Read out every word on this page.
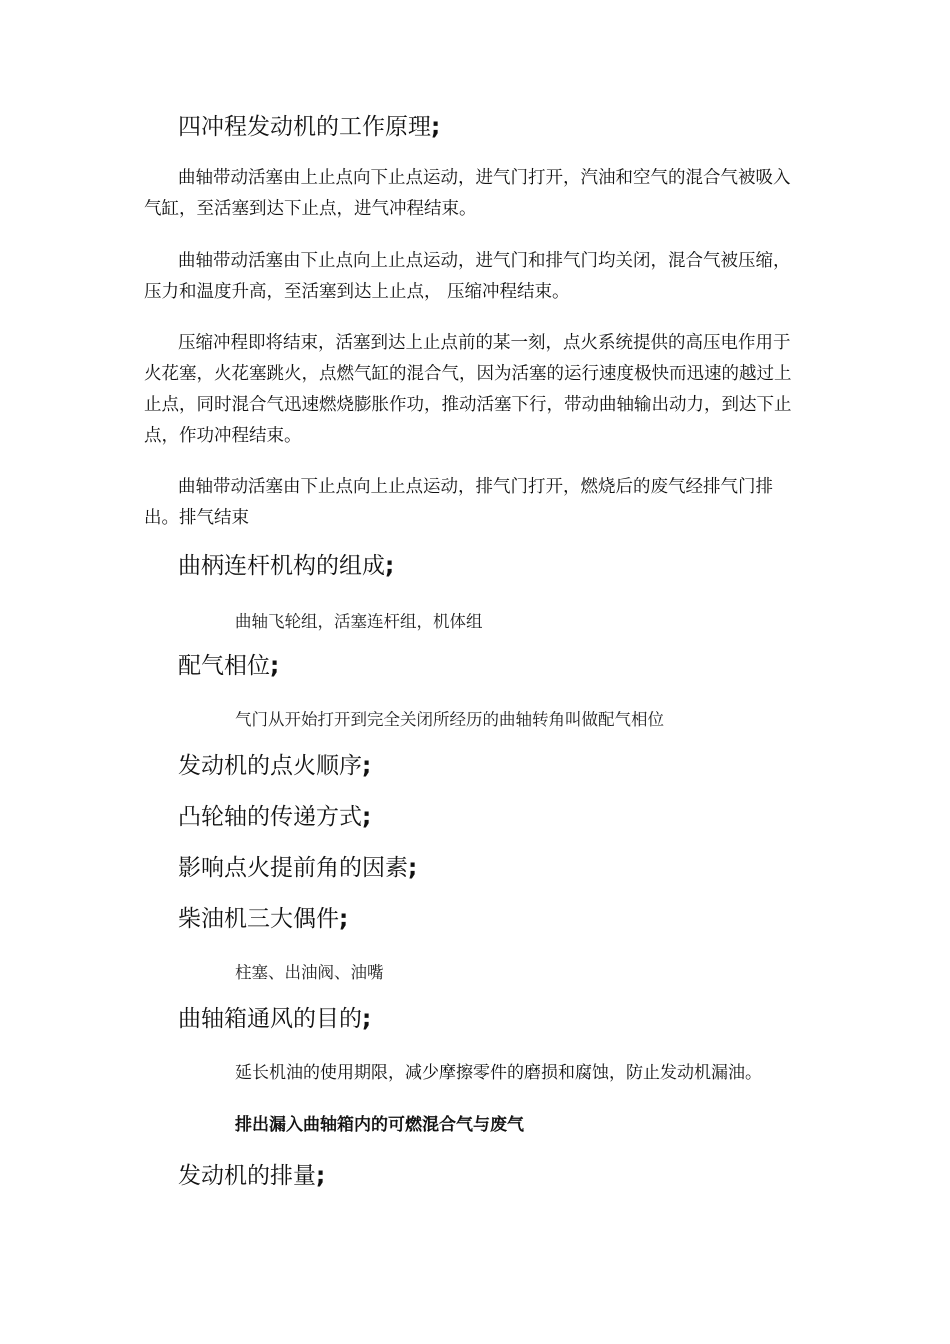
四冲程发动机的工作原理;
曲轴带动活塞由上止点向下止点运动，进气门打开，汽油和空气的混合气被吸入气缸，至活塞到达下止点，进气冲程结束。
曲轴带动活塞由下止点向上止点运动，进气门和排气门均关闭，混合气被压缩，压力和温度升高，至活塞到达上止点， 压缩冲程结束。
压缩冲程即将结束，活塞到达上止点前的某一刻，点火系统提供的高压电作用于火花塞，火花塞跳火，点燃气缸的混合气，因为活塞的运行速度极快而迅速的越过上止点，同时混合气迅速燃烧膨胀作功，推动活塞下行，带动曲轴输出动力，到达下止点，作功冲程结束。
曲轴带动活塞由下止点向上止点运动，排气门打开，燃烧后的废气经排气门排出。排气结束
曲柄连杆机构的组成;
曲轴飞轮组，活塞连杆组，机体组
配气相位;
气门从开始打开到完全关闭所经历的曲轴转角叫做配气相位
发动机的点火顺序;
凸轮轴的传递方式;
影响点火提前角的因素;
柴油机三大偶件;
柱塞、出油阀、油嘴
曲轴箱通风的目的;
延长机油的使用期限，减少摩擦零件的磨损和腐蚀，防止发动机漏油。
排出漏入曲轴箱内的可燃混合气与废气
发动机的排量;
